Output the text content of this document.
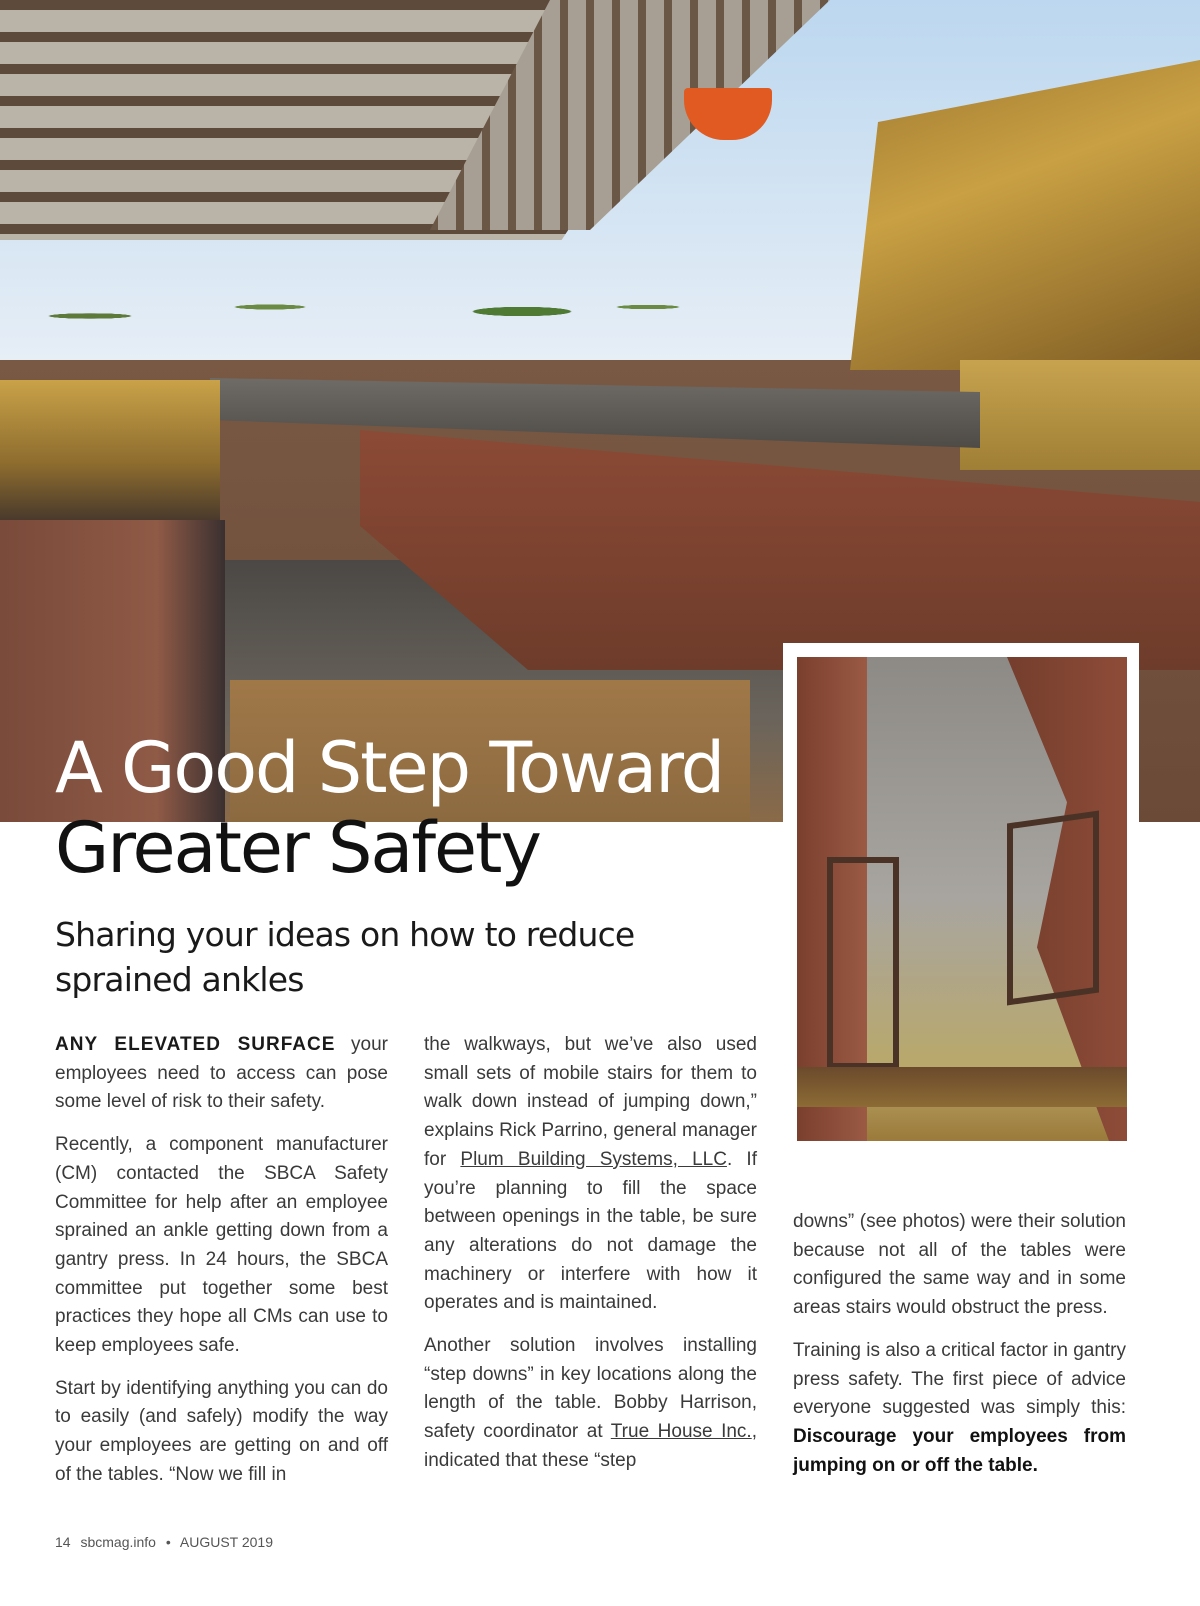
A Good Step Toward
Greater Safety
Sharing your ideas on how to reduce sprained ankles

ANY ELEVATED SURFACE your employees need to access can pose some level of risk to their safety.

Recently, a component manufacturer (CM) contacted the SBCA Safety Committee for help after an employee sprained an ankle getting down from a gantry press. In 24 hours, the SBCA committee put together some best practices they hope all CMs can use to keep employees safe.

Start by identifying anything you can do to easily (and safely) modify the way your employees are getting on and off of the tables. “Now we fill in

the walkways, but we’ve also used small sets of mobile stairs for them to walk down instead of jumping down,” explains Rick Parrino, general manager for Plum Building Systems, LLC. If you’re planning to fill the space between openings in the table, be sure any alterations do not damage the machinery or interfere with how it operates and is maintained.

Another solution involves installing “step downs” in key locations along the length of the table. Bobby Harrison, safety coordinator at True House Inc., indicated that these “step

downs” (see photos) were their solution because not all of the tables were configured the same way and in some areas stairs would obstruct the press.

Training is also a critical factor in gantry press safety. The first piece of advice everyone suggested was simply this: Discourage your employees from jumping on or off the table.

14 sbcmag.info • AUGUST 2019
